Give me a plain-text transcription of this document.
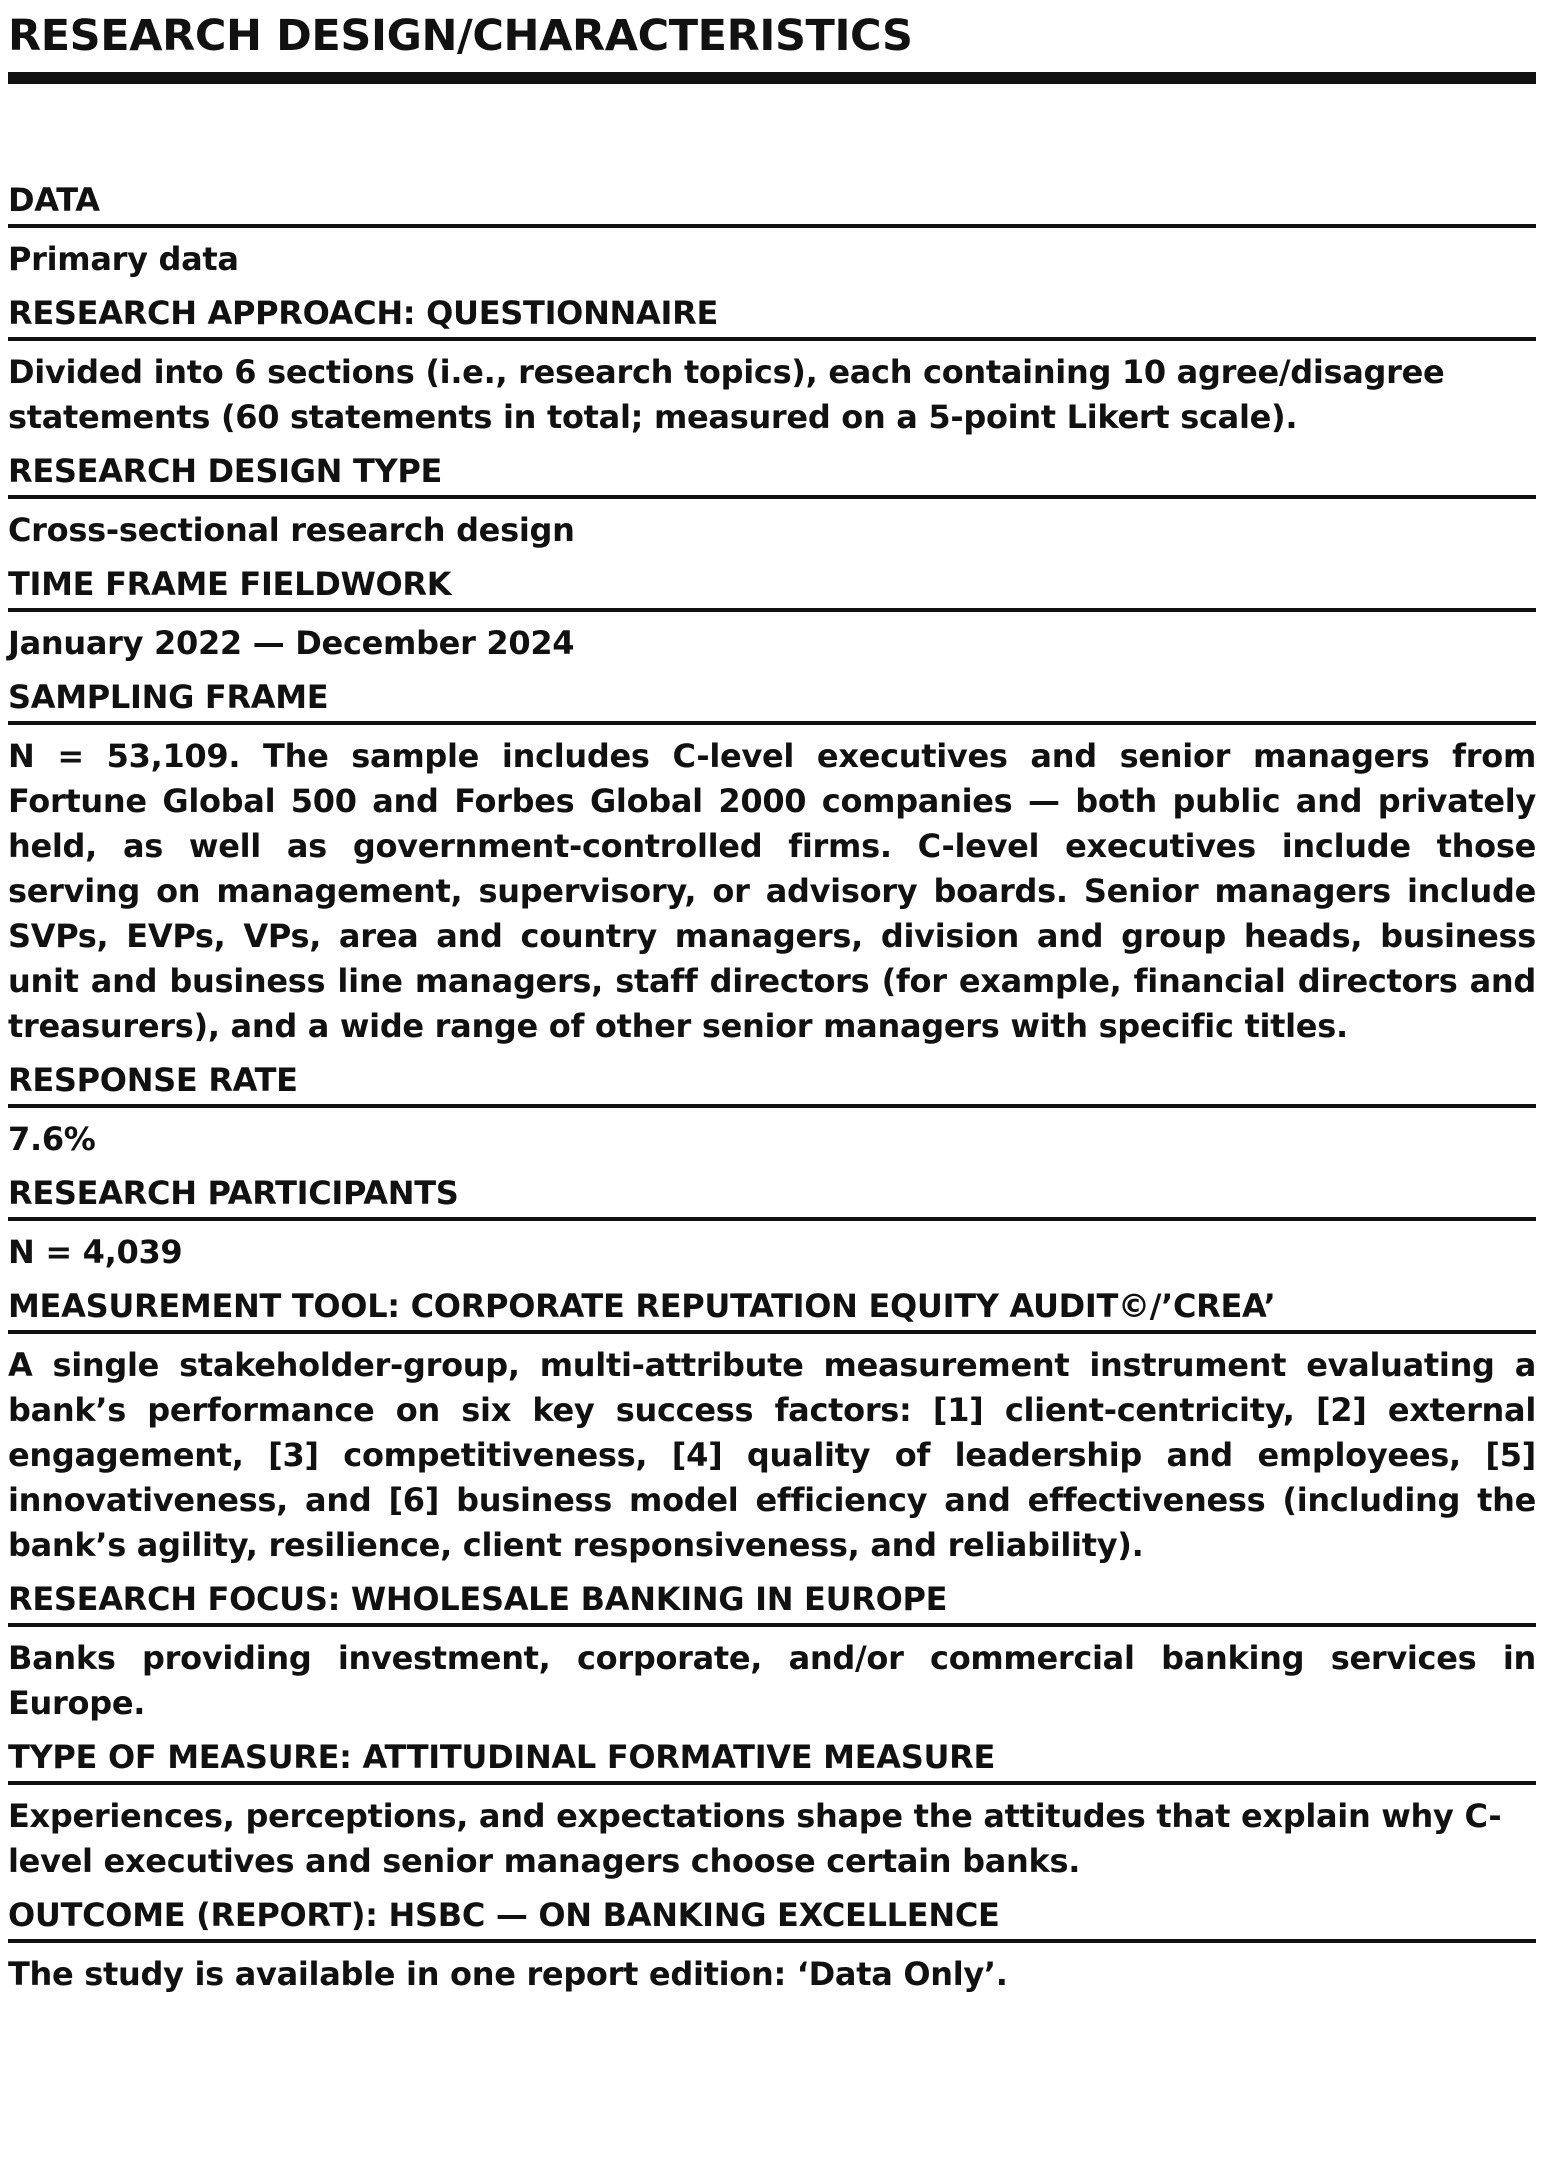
RESEARCH DESIGN/CHARACTERISTICS
DATA
Primary data
RESEARCH APPROACH: QUESTIONNAIRE
Divided into 6 sections (i.e., research topics), each containing 10 agree/disagree statements (60 statements in total; measured on a 5-point Likert scale).
RESEARCH DESIGN TYPE
Cross-sectional research design
TIME FRAME FIELDWORK
January 2022 — December 2024
SAMPLING FRAME
N = 53,109. The sample includes C-level executives and senior managers from Fortune Global 500 and Forbes Global 2000 companies — both public and privately held, as well as government-controlled firms. C-level executives include those serving on management, supervisory, or advisory boards. Senior managers include SVPs, EVPs, VPs, area and country managers, division and group heads, business unit and business line managers, staff directors (for example, financial directors and treasurers), and a wide range of other senior managers with specific titles.
RESPONSE RATE
7.6%
RESEARCH PARTICIPANTS
N = 4,039
MEASUREMENT TOOL: CORPORATE REPUTATION EQUITY AUDIT©/’CREA’
A single stakeholder-group, multi-attribute measurement instrument evaluating a bank’s performance on six key success factors: [1] client-centricity, [2] external engagement, [3] competitiveness, [4] quality of leadership and employees, [5] innovativeness, and [6] business model efficiency and effectiveness (including the bank’s agility, resilience, client responsiveness, and reliability).
RESEARCH FOCUS: WHOLESALE BANKING IN EUROPE
Banks providing investment, corporate, and/or commercial banking services in Europe.
TYPE OF MEASURE: ATTITUDINAL FORMATIVE MEASURE
Experiences, perceptions, and expectations shape the attitudes that explain why C-level executives and senior managers choose certain banks.
OUTCOME (REPORT): HSBC — ON BANKING EXCELLENCE
The study is available in one report edition: ‘Data Only’.
